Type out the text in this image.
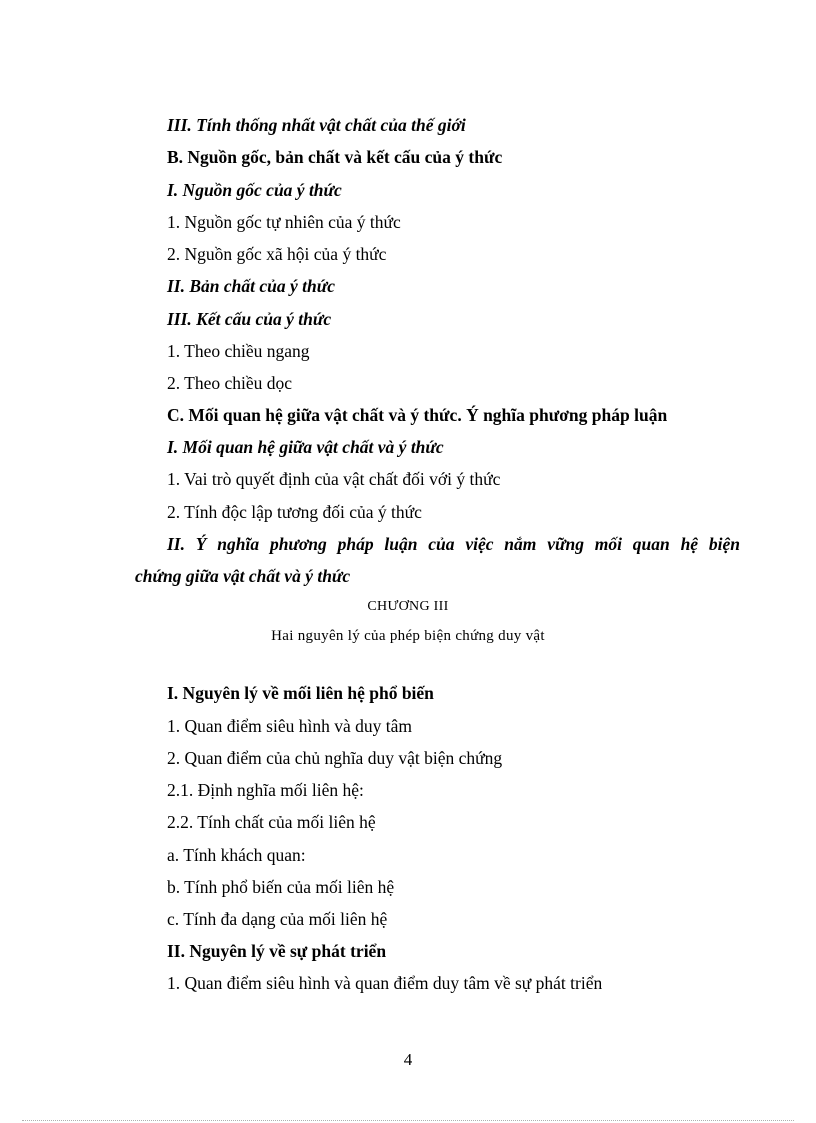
III. Tính thống nhất vật chất của thế giới
B. Nguồn gốc, bản chất và kết cấu của ý thức
I. Nguồn gốc của ý thức
1. Nguồn gốc tự nhiên của ý thức
2. Nguồn gốc xã hội của ý thức
II. Bản chất của ý thức
III. Kết cấu của ý thức
1. Theo chiều ngang
2. Theo chiều dọc
C. Mối quan hệ giữa vật chất và ý thức. Ý nghĩa phương pháp luận
I. Mối quan hệ giữa vật chất và ý thức
1. Vai trò quyết định của vật chất đối với ý thức
2. Tính độc lập tương đối của ý thức
II. Ý nghĩa phương pháp luận của việc nắm vững mối quan hệ biện
chứng giữa vật chất và ý thức
CHƯƠNG III
Hai nguyên lý của phép biện chứng duy vật
I. Nguyên lý về mối liên hệ phổ biến
1. Quan điểm siêu hình và duy tâm
2. Quan điểm của chủ nghĩa duy vật biện chứng
2.1. Định nghĩa mối liên hệ:
2.2. Tính chất của mối liên hệ
a. Tính khách quan:
b. Tính phổ biến của mối liên hệ
c. Tính đa dạng của mối liên hệ
II. Nguyên lý về sự phát triển
1. Quan điểm siêu hình và quan điểm duy tâm về sự phát triển
4
